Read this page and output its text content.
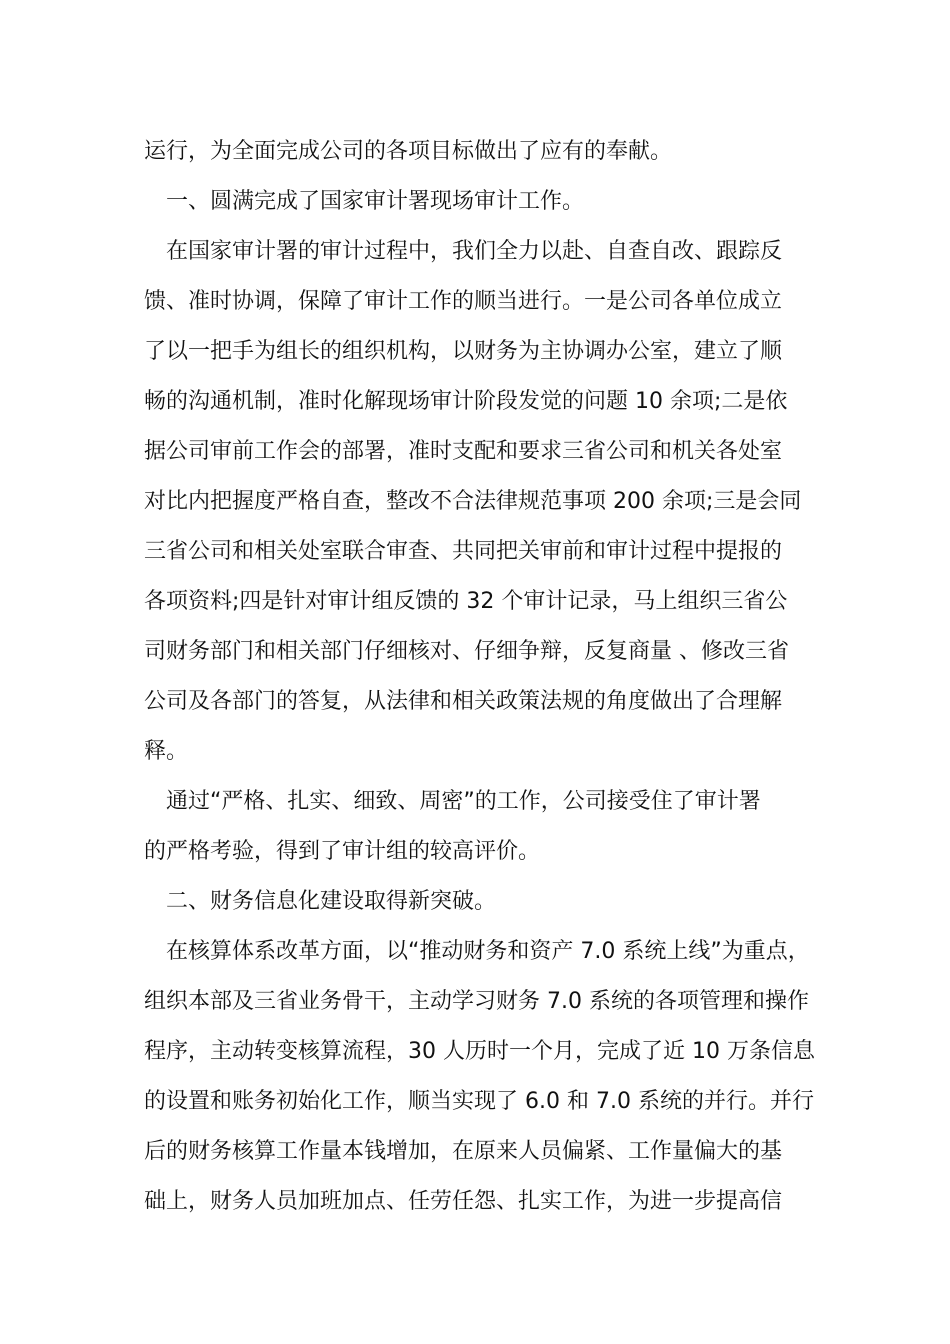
运行，为全面完成公司的各项目标做出了应有的奉献。
一、圆满完成了国家审计署现场审计工作。
在国家审计署的审计过程中，我们全力以赴、自查自改、跟踪反
馈、准时协调，保障了审计工作的顺当进行。一是公司各单位成立
了以一把手为组长的组织机构，以财务为主协调办公室，建立了顺
畅的沟通机制，准时化解现场审计阶段发觉的问题 10 余项;二是依
据公司审前工作会的部署，准时支配和要求三省公司和机关各处室
对比内把握度严格自查，整改不合法律规范事项 200 余项;三是会同
三省公司和相关处室联合审查、共同把关审前和审计过程中提报的
各项资料;四是针对审计组反馈的 32 个审计记录，马上组织三省公
司财务部门和相关部门仔细核对、仔细争辩，反复商量 、修改三省
公司及各部门的答复，从法律和相关政策法规的角度做出了合理解
释。
通过“严格、扎实、细致、周密”的工作，公司接受住了审计署
的严格考验，得到了审计组的较高评价。
二、财务信息化建设取得新突破。
在核算体系改革方面，以“推动财务和资产 7.0 系统上线”为重点，
组织本部及三省业务骨干，主动学习财务 7.0 系统的各项管理和操作
程序，主动转变核算流程，30 人历时一个月，完成了近 10 万条信息
的设置和账务初始化工作，顺当实现了 6.0 和 7.0 系统的并行。并行
后的财务核算工作量本钱增加，在原来人员偏紧、工作量偏大的基
础上，财务人员加班加点、任劳任怨、扎实工作，为进一步提高信
